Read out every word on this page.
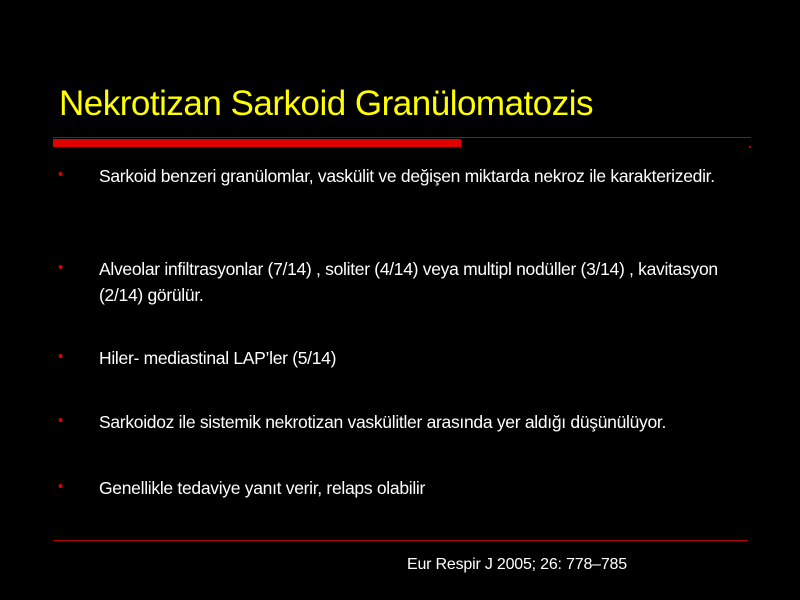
Nekrotizan Sarkoid Granülomatozis
• Sarkoid benzeri granülomlar, vaskülit ve değişen miktarda nekroz ile karakterizedir.
• Alveolar infiltrasyonlar (7/14) , soliter (4/14) veya multipl nodüller (3/14) , kavitasyon (2/14) görülür.
• Hiler- mediastinal LAP’ler (5/14)
• Sarkoidoz ile sistemik nekrotizan vaskülitler arasında yer aldığı düşünülüyor.
• Genellikle tedaviye yanıt verir, relaps olabilir
Eur Respir J 2005; 26: 778–785
